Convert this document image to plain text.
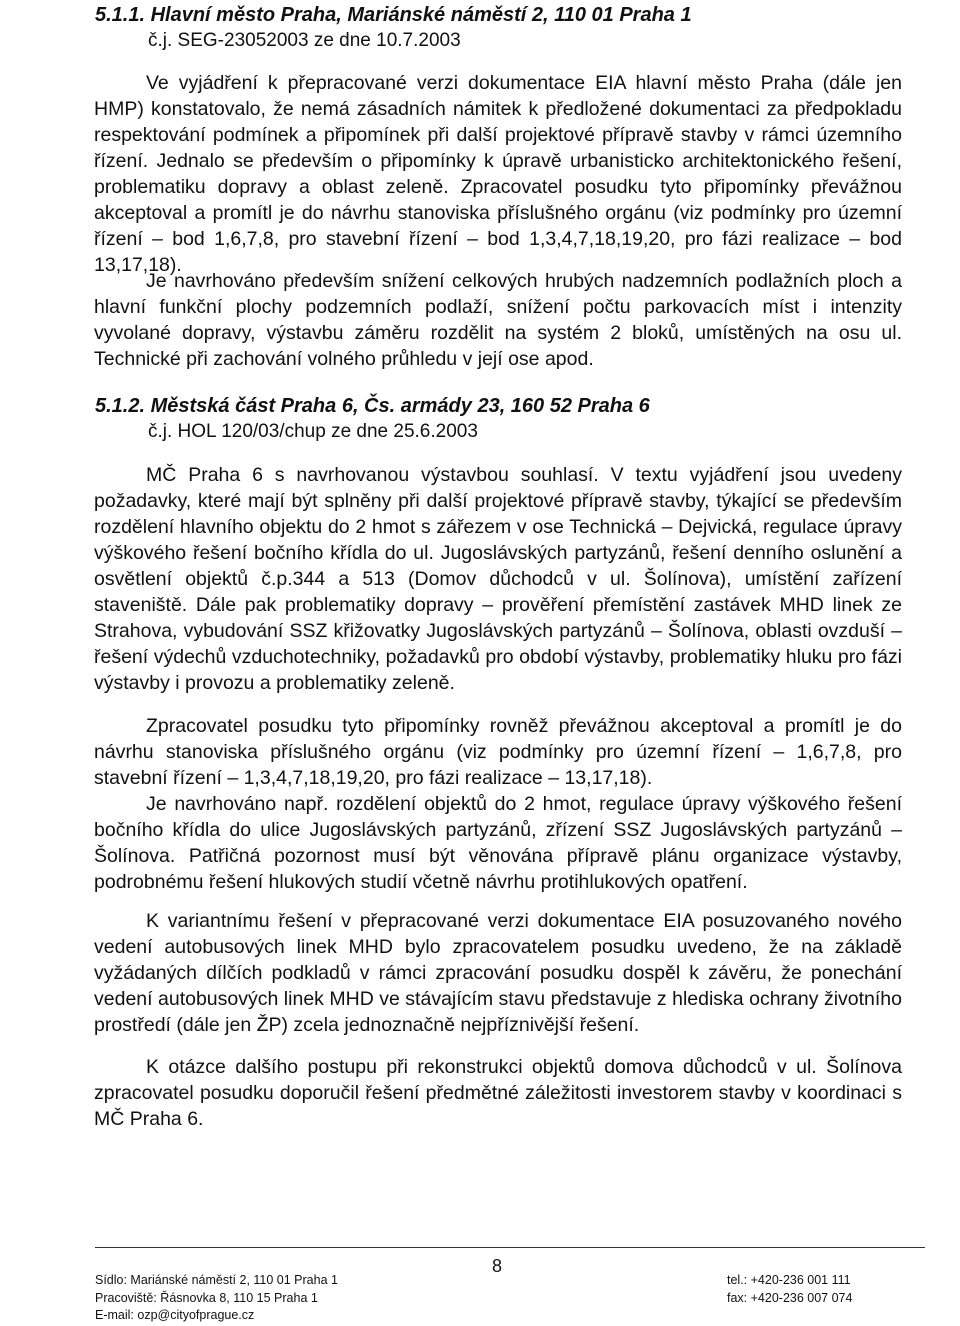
5.1.1. Hlavní město Praha, Mariánské náměstí 2, 110 01 Praha 1
č.j. SEG-23052003 ze dne 10.7.2003

Ve vyjádření k přepracované verzi dokumentace EIA hlavní město Praha (dále jen HMP) konstatovalo, že nemá zásadních námitek k předložené dokumentaci za předpokladu respektování podmínek a připomínek při další projektové přípravě stavby v rámci územního řízení. Jednalo se především o připomínky k úpravě urbanisticko architektonického řešení, problematiku dopravy a oblast zeleně. Zpracovatel posudku tyto připomínky převážnou akceptoval a promítl je do návrhu stanoviska příslušného orgánu (viz podmínky pro územní řízení – bod 1,6,7,8, pro stavební řízení – bod 1,3,4,7,18,19,20, pro fázi realizace – bod 13,17,18).

Je navrhováno především snížení celkových hrubých nadzemních podlažních ploch a hlavní funkční plochy podzemních podlaží, snížení počtu parkovacích míst i intenzity vyvolané dopravy, výstavbu záměru rozdělit na systém 2 bloků, umístěných na osu ul. Technické při zachování volného průhledu v její ose apod.

5.1.2. Městská část Praha 6, Čs. armády 23, 160 52 Praha 6
č.j. HOL 120/03/chup ze dne 25.6.2003

MČ Praha 6 s navrhovanou výstavbou souhlasí. V textu vyjádření jsou uvedeny požadavky, které mají být splněny při další projektové přípravě stavby, týkající se především rozdělení hlavního objektu do 2 hmot s zářezem v ose Technická – Dejvická, regulace úpravy výškového řešení bočního křídla do ul. Jugoslávských partyzánů, řešení denního oslunění a osvětlení objektů č.p.344 a 513 (Domov důchodců v ul. Šolínova), umístění zařízení staveniště. Dále pak problematiky dopravy – prověření přemístění zastávek MHD linek ze Strahova, vybudování SSZ křižovatky Jugoslávských partyzánů – Šolínova, oblasti ovzduší – řešení výdechů vzduchotechniky, požadavků pro období výstavby, problematiky hluku pro fázi výstavby i provozu a problematiky zeleně.

Zpracovatel posudku tyto připomínky rovněž převážnou akceptoval a promítl je do návrhu stanoviska příslušného orgánu (viz podmínky pro územní řízení – 1,6,7,8, pro stavební řízení – 1,3,4,7,18,19,20, pro fázi realizace – 13,17,18).

Je navrhováno např. rozdělení objektů do 2 hmot, regulace úpravy výškového řešení bočního křídla do ulice Jugoslávských partyzánů, zřízení SSZ Jugoslávských partyzánů – Šolínova. Patřičná pozornost musí být věnována přípravě plánu organizace výstavby, podrobnému řešení hlukových studií včetně návrhu protihlukových opatření.

K variantnímu řešení v přepracované verzi dokumentace EIA posuzovaného nového vedení autobusových linek MHD bylo zpracovatelem posudku uvedeno, že na základě vyžádaných dílčích podkladů v rámci zpracování posudku dospěl k závěru, že ponechání vedení autobusových linek MHD ve stávajícím stavu představuje z hlediska ochrany životního prostředí (dále jen ŽP) zcela jednoznačně nejpříznivější řešení.

K otázce dalšího postupu při rekonstrukci objektů domova důchodců v ul. Šolínova zpracovatel posudku doporučil řešení předmětné záležitosti investorem stavby v koordinaci s MČ Praha 6.

8
Sídlo: Mariánské náměstí 2, 110 01 Praha 1
Pracoviště: Řásnovka 8, 110 15 Praha 1
E-mail: ozp@cityofprague.cz
tel.: +420-236 001 111
fax: +420-236 007 074
